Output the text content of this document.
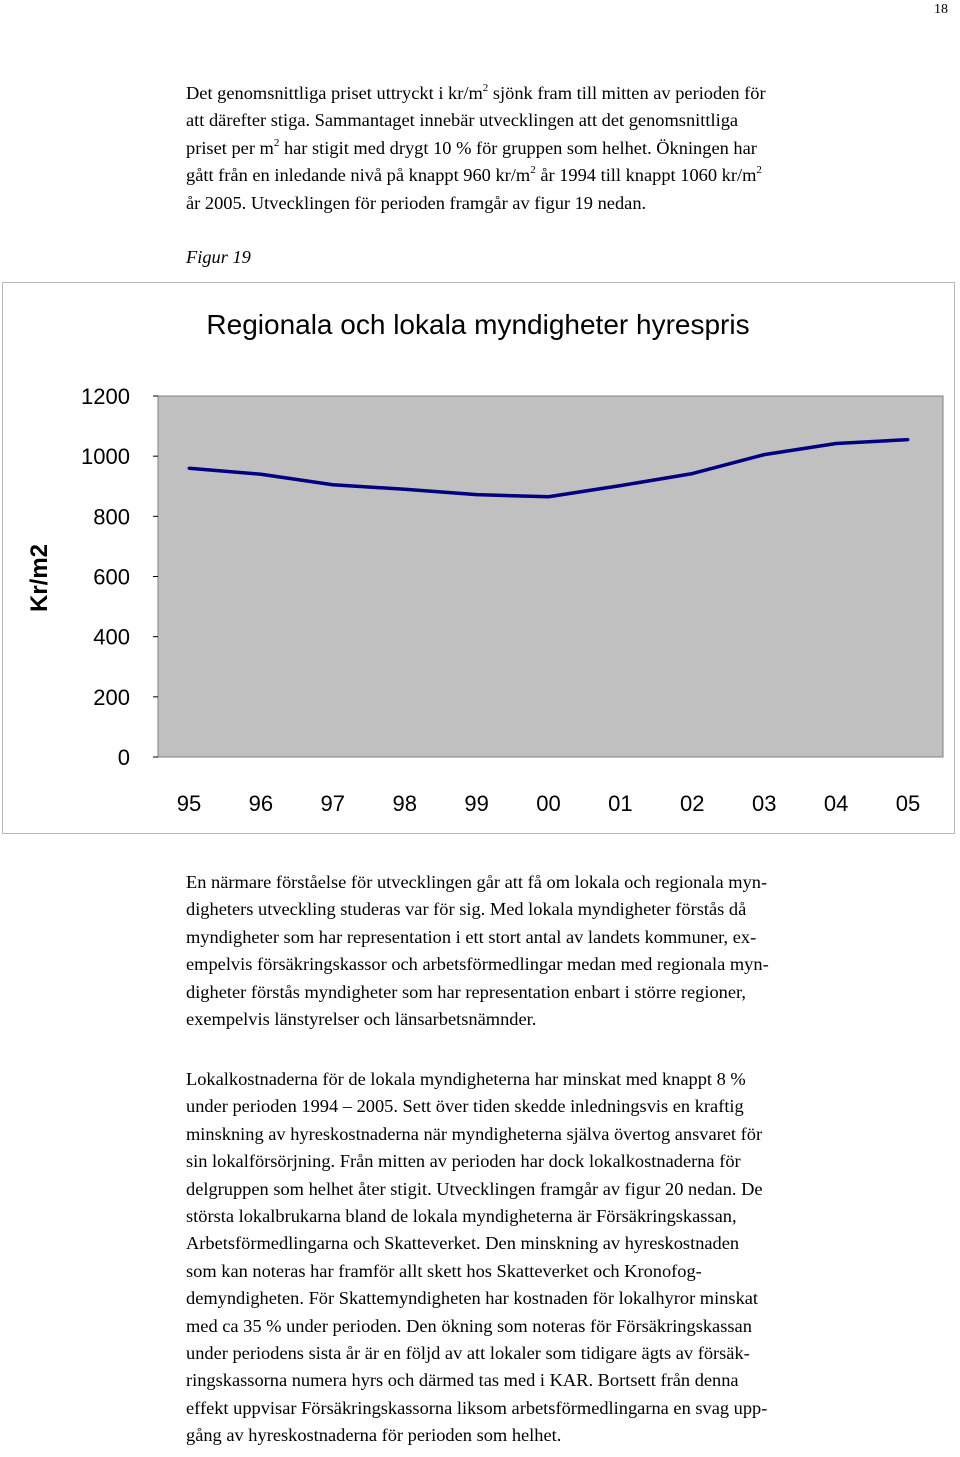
18

Det genomsnittliga priset uttryckt i $kr/m^2$ sjönk fram till mitten av perioden för
att därefter stiga. Sammantaget innebär utvecklingen att det genomsnittliga
priset per $m^2$ har stigit med drygt 10 % för gruppen som helhet. Ökningen har
gått från en inledande nivå på knappt 960 $kr/m^2$ år 1994 till knappt 1060 $kr/m^2$
år 2005. Utvecklingen för perioden framgår av figur 19 nedan.

Figur 19
Regionala och lokala myndigheter hyrespris
0
200
400
600
800
1000
1200
95 96 97 98 99 00 01 02 03 04 05
Kr/m2

En närmare förståelse för utvecklingen går att få om lokala och regionala myn-
digheters utveckling studeras var för sig. Med lokala myndigheter förstås då
myndigheter som har representation i ett stort antal av landets kommuner, ex-
empelvis försäkringskassor och arbetsförmedlingar medan med regionala myn-
digheter förstås myndigheter som har representation enbart i större regioner,
exempelvis länstyrelser och länsarbetsnämnder.

Lokalkostnaderna för de lokala myndigheterna har minskat med knappt 8 %
under perioden 1994 – 2005. Sett över tiden skedde inledningsvis en kraftig
minskning av hyreskostnaderna när myndigheterna själva övertog ansvaret för
sin lokalförsörjning. Från mitten av perioden har dock lokalkostnaderna för
delgruppen som helhet åter stigit. Utvecklingen framgår av figur 20 nedan. De
största lokalbrukarna bland de lokala myndigheterna är Försäkringskassan,
Arbetsförmedlingarna och Skatteverket. Den minskning av hyreskostnaden
som kan noteras har framför allt skett hos Skatteverket och Kronofog-
demyndigheten. För Skattemyndigheten har kostnaden för lokalhyror minskat
med ca 35 % under perioden. Den ökning som noteras för Försäkringskassan
under periodens sista år är en följd av att lokaler som tidigare ägts av försäk-
ringskassorna numera hyrs och därmed tas med i KAR. Bortsett från denna
effekt uppvisar Försäkringskassorna liksom arbetsförmedlingarna en svag upp-
gång av hyreskostnaderna för perioden som helhet.
